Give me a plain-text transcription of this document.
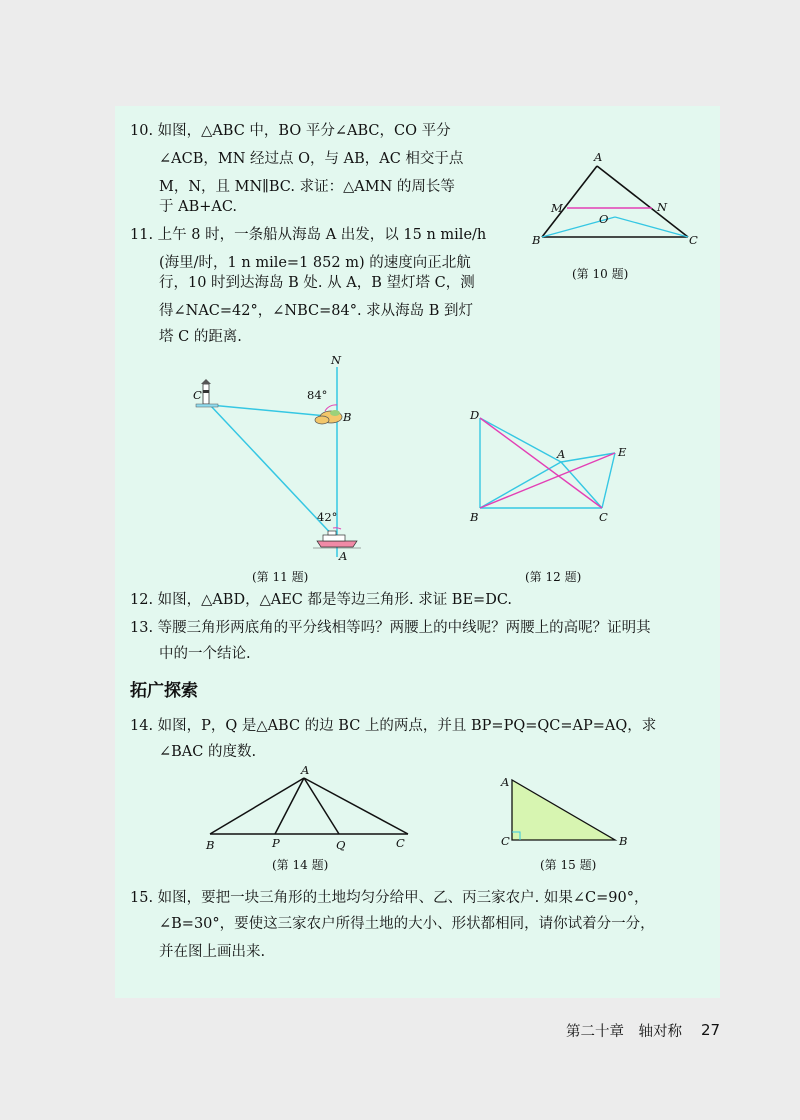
10. 如图，△ABC 中，BO 平分∠ABC，CO 平分
∠ACB，MN 经过点 O，与 AB，AC 相交于点
M，N，且 MN∥BC. 求证：△AMN 的周长等
于 AB+AC.
11. 上午 8 时，一条船从海岛 A 出发，以 15 n mile/h
(海里/时，1 n mile=1 852 m) 的速度向正北航
行，10 时到达海岛 B 处. 从 A，B 望灯塔 C，测
得∠NAC=42°，∠NBC=84°. 求从海岛 B 到灯
塔 C 的距离.
A
M	N
O
B	C
(第 10 题)
N
C	84°
B
42°
A
(第 11 题)
D
A	E
B	C
(第 12 题)
12. 如图，△ABD，△AEC 都是等边三角形. 求证 BE=DC.
13. 等腰三角形两底角的平分线相等吗？两腰上的中线呢？两腰上的高呢？证明其
中的一个结论.
拓广探索
14. 如图，P，Q 是△ABC 的边 BC 上的两点，并且 BP=PQ=QC=AP=AQ，求
∠BAC 的度数.
A
B	P	Q	C
(第 14 题)
A
C	B
(第 15 题)
15. 如图，要把一块三角形的土地均匀分给甲、乙、丙三家农户. 如果∠C=90°，
∠B=30°，要使这三家农户所得土地的大小、形状都相同，请你试着分一分，
并在图上画出来.
第二十章　轴对称 27
